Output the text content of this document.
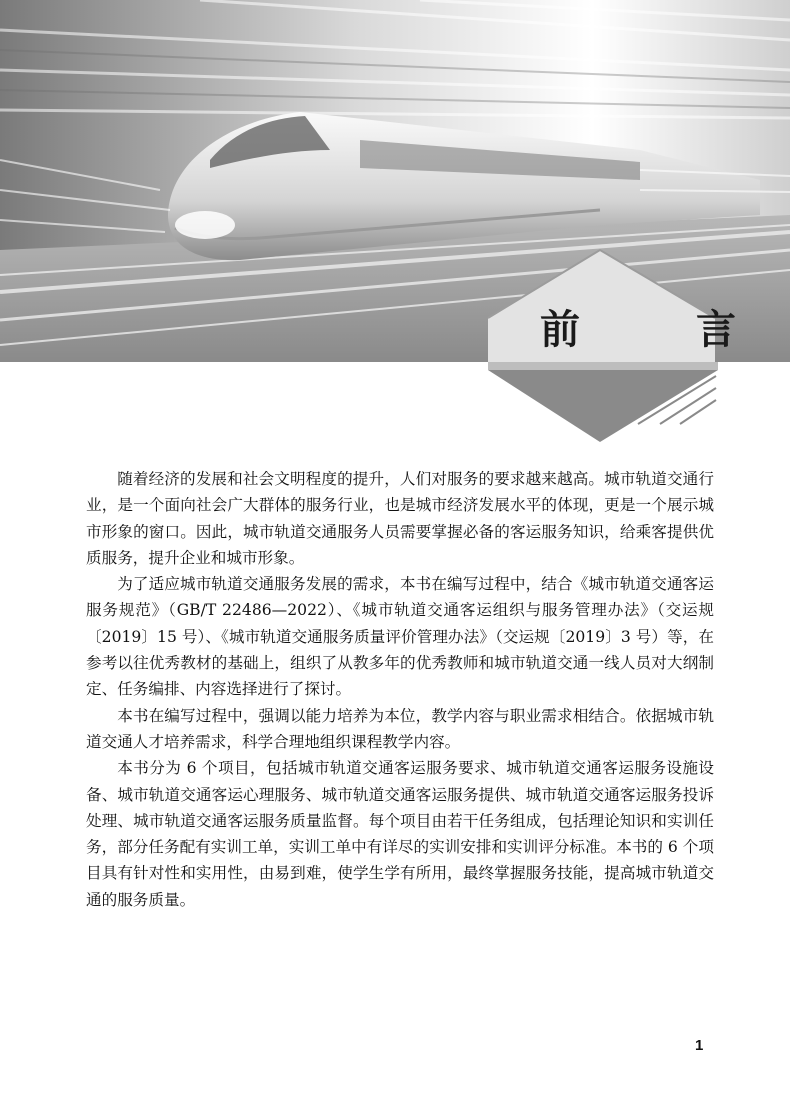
前　言

随着经济的发展和社会文明程度的提升，人们对服务的要求越来越高。城市轨道交通行业，是一个面向社会广大群体的服务行业，也是城市经济发展水平的体现，更是一个展示城市形象的窗口。因此，城市轨道交通服务人员需要掌握必备的客运服务知识，给乘客提供优质服务，提升企业和城市形象。

为了适应城市轨道交通服务发展的需求，本书在编写过程中，结合《城市轨道交通客运服务规范》（GB/T 22486—2022）、《城市轨道交通客运组织与服务管理办法》（交运规〔2019〕15 号）、《城市轨道交通服务质量评价管理办法》（交运规〔2019〕3 号）等，在参考以往优秀教材的基础上，组织了从教多年的优秀教师和城市轨道交通一线人员对大纲制定、任务编排、内容选择进行了探讨。

本书在编写过程中，强调以能力培养为本位，教学内容与职业需求相结合。依据城市轨道交通人才培养需求，科学合理地组织课程教学内容。

本书分为 6 个项目，包括城市轨道交通客运服务要求、城市轨道交通客运服务设施设备、城市轨道交通客运心理服务、城市轨道交通客运服务提供、城市轨道交通客运服务投诉处理、城市轨道交通客运服务质量监督。每个项目由若干任务组成，包括理论知识和实训任务，部分任务配有实训工单，实训工单中有详尽的实训安排和实训评分标准。本书的 6 个项目具有针对性和实用性，由易到难，使学生学有所用，最终掌握服务技能，提高城市轨道交通的服务质量。

1
